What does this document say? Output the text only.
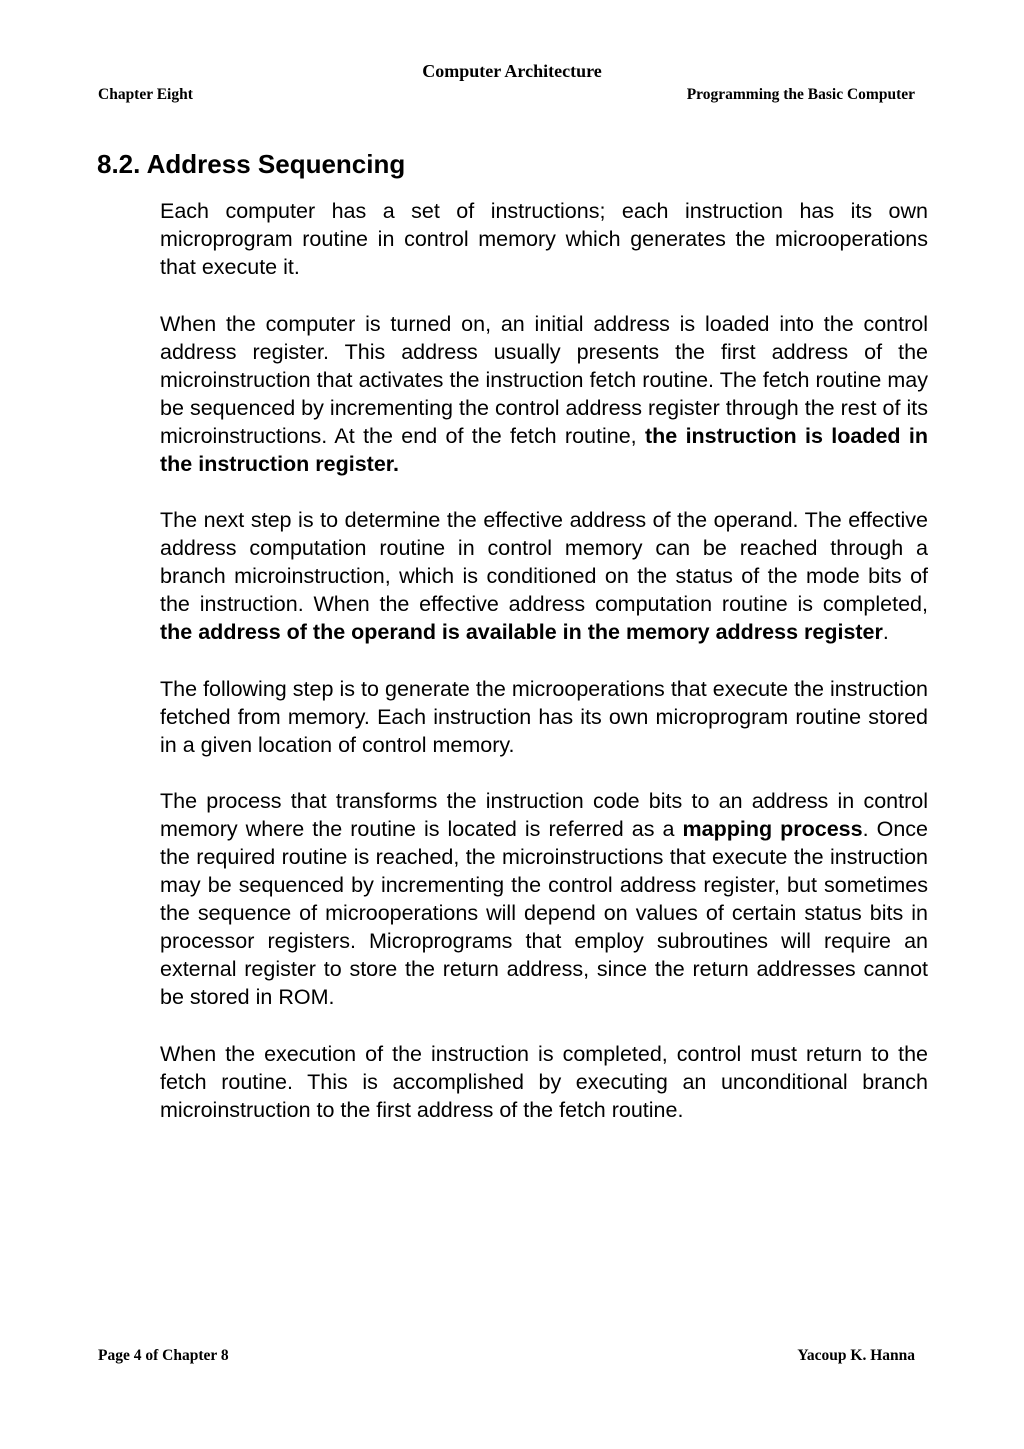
Computer Architecture
Chapter Eight	Programming the Basic Computer
8.2. Address Sequencing

Each computer has a set of instructions; each instruction has its own microprogram routine in control memory which generates the microoperations that execute it.

When the computer is turned on, an initial address is loaded into the control address register. This address usually presents the first address of the microinstruction that activates the instruction fetch routine. The fetch routine may be sequenced by incrementing the control address register through the rest of its microinstructions. At the end of the fetch routine, the instruction is loaded in the instruction register.

The next step is to determine the effective address of the operand. The effective address computation routine in control memory can be reached through a branch microinstruction, which is conditioned on the status of the mode bits of the instruction. When the effective address computation routine is completed, the address of the operand is available in the memory address register.

The following step is to generate the microoperations that execute the instruction fetched from memory. Each instruction has its own microprogram routine stored in a given location of control memory.

The process that transforms the instruction code bits to an address in control memory where the routine is located is referred as a mapping process. Once the required routine is reached, the microinstructions that execute the instruction may be sequenced by incrementing the control address register, but sometimes the sequence of microoperations will depend on values of certain status bits in processor registers. Microprograms that employ subroutines will require an external register to store the return address, since the return addresses cannot be stored in ROM.

When the execution of the instruction is completed, control must return to the fetch routine. This is accomplished by executing an unconditional branch microinstruction to the first address of the fetch routine.

Page 4 of Chapter 8	Yacoup K. Hanna
